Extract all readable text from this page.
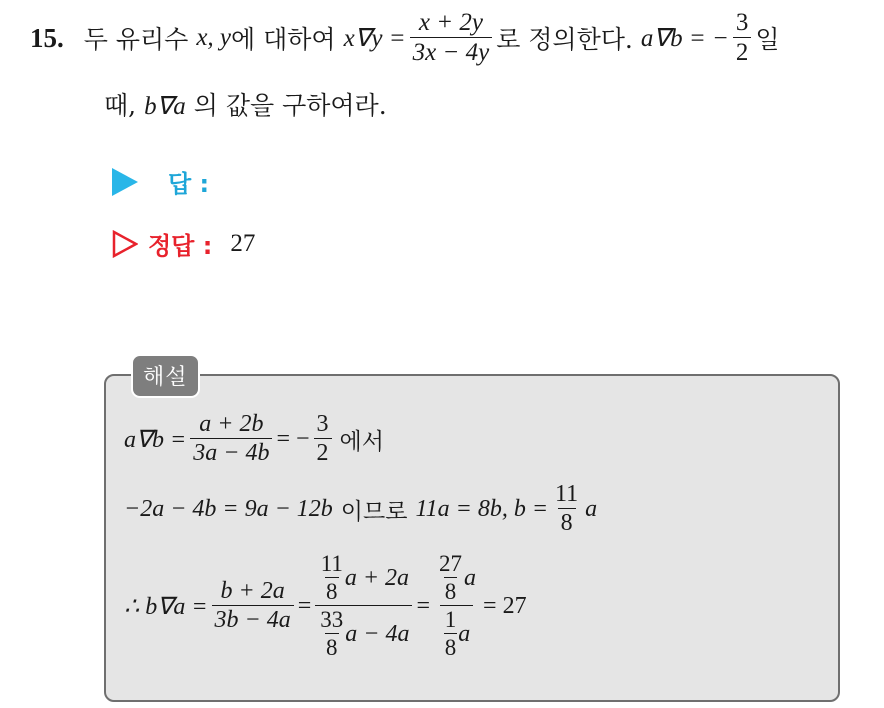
15. 두 유리수 x, y 에 대하여 $x\nabla y = \frac{x + 2y}{3x - 4y}$ 로 정의한다. a∇b = − $\frac{3}{2}$ 일
때, b∇a 의 값을 구하여라.
답 :
정답 : 27
해설
$a\nabla b = \frac{a + 2b}{3a - 4b}$ = − $\frac{3}{2}$ 에서
−2a − 4b = 9a − 12b 이므로 11a = 8b, $b = \frac{11}{8}$ a
∴ $b\nabla a = \frac{b + 2a}{3b - 4a} = \frac{\frac{11}{8} a + 2a}{\frac{33}{8} a - 4a} = \frac{\frac{27}{8} a}{\frac{1}{8} a} = 27$
